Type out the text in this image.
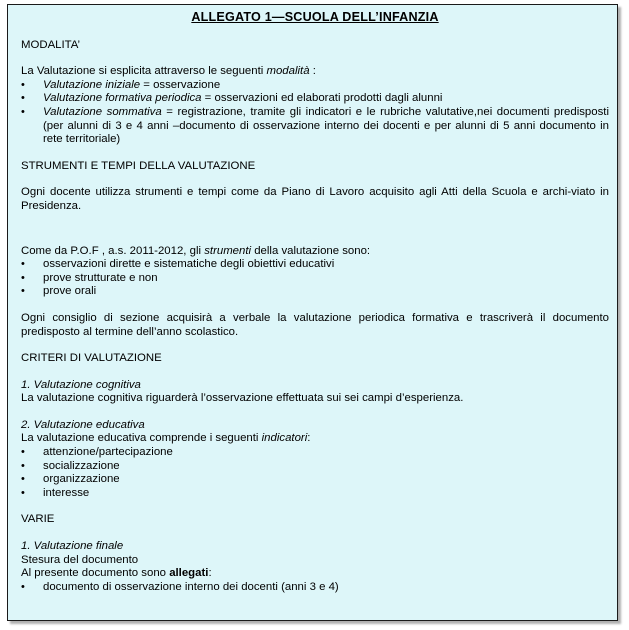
ALLEGATO 1—SCUOLA DELL’INFANZIA

MODALITA’

La Valutazione si esplicita attraverso le seguenti modalità :

• Valutazione iniziale = osservazione
• Valutazione formativa periodica = osservazioni ed elaborati prodotti dagli alunni
• Valutazione sommativa = registrazione, tramite gli indicatori e le rubriche valutative,nei documenti predisposti (per alunni di 3 e 4 anni –documento di osservazione interno dei docenti e per alunni di 5 anni documento in rete territoriale)

STRUMENTI E TEMPI DELLA VALUTAZIONE

Ogni docente utilizza strumenti e tempi come da Piano di Lavoro acquisito agli Atti della Scuola e archi-viato in Presidenza.

Come da P.O.F , a.s. 2011-2012, gli strumenti della valutazione sono:

• osservazioni dirette e sistematiche degli obiettivi educativi
• prove strutturate e non
• prove orali

Ogni consiglio di sezione acquisirà a verbale la valutazione periodica formativa e trascriverà il documento predisposto al termine dell’anno scolastico.

CRITERI DI VALUTAZIONE

1. Valutazione cognitiva

La valutazione cognitiva riguarderà l’osservazione effettuata sui sei campi d’esperienza.

2. Valutazione educativa

La valutazione educativa comprende i seguenti indicatori:

• attenzione/partecipazione
• socializzazione
• organizzazione
• interesse

VARIE

1. Valutazione finale

Stesura del documento

Al presente documento sono allegati:

• documento di osservazione interno dei docenti (anni 3 e 4)
